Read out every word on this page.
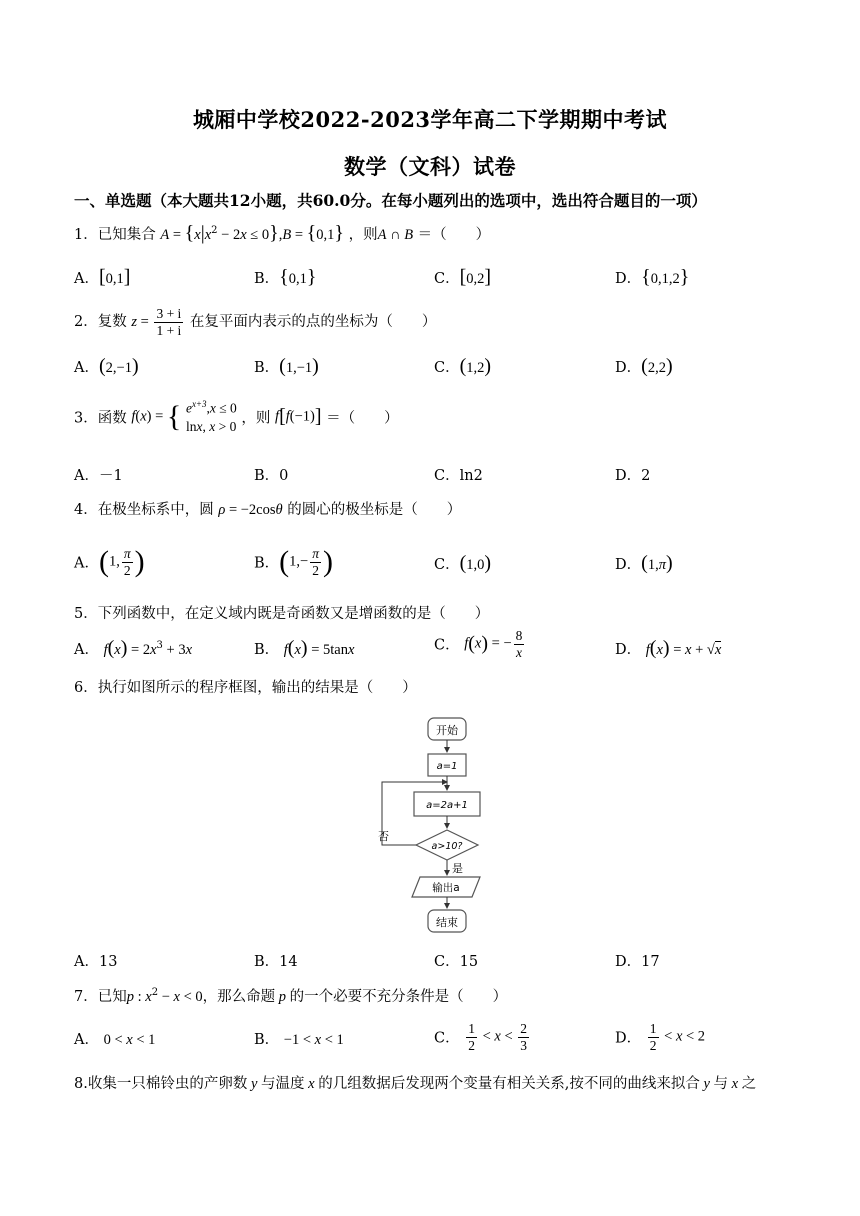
城厢中学校2022-2023学年高二下学期期中考试
数学（文科）试卷
一、单选题（本大题共12小题，共60.0分。在每小题列出的选项中，选出符合题目的一项）
1．已知集合 $A = \{x|x^2 - 2x \le 0\},B = \{0,1\}$ ，则A ∩ B ＝（　　）
A．[0,1]	B．{0,1}	C．[0,2]	D．{0,1,2}
2．复数 $z = \frac{3 + i}{1 + i}$ 在复平面内表示的点的坐标为（　　）
A．(2,−1)	B．(1,−1)	C．(1,2)	D．(2,2)
3．函数 f(x) = { $e^{x+3},x \le 0$
lnx, x > 0 ，则 f[f(−1)] ＝（　　）
A．－1	B．0	C．ln2	D．2
4．在极坐标系中，圆 ρ = −2cosθ 的圆心的极坐标是（　　）
A．(1, $\frac{\pi}{2}$ )	B．($1,- \frac{\pi}{2}$ )	C．(1,0)	D．(1,π)
5．下列函数中，在定义域内既是奇函数又是增函数的是（　　）
A． $f(x) = 2x^3 + 3x$	B． f(x) = 5tanx	C． f(x) = − $\frac{8}{x}$	D． f(x) = x + √x
6．执行如图所示的程序框图，输出的结果是（　　）
开始
a=1
a=2a+1
a>10?
否
是
输出a
结束
A．13	B．14	C．15	D．17
7．已知p : $x^2 - x < 0$，那么命题 p 的一个必要不充分条件是（　　）
A． 0 < x < 1	B． −1 < x < 1	C． $\frac{1}{2} < x < \frac{2}{3}$	D． $\frac{1}{2} < x < 2$
8.收集一只棉铃虫的产卵数 y 与温度 x 的几组数据后发现两个变量有相关关系,按不同的曲线来拟合 y 与 x 之
